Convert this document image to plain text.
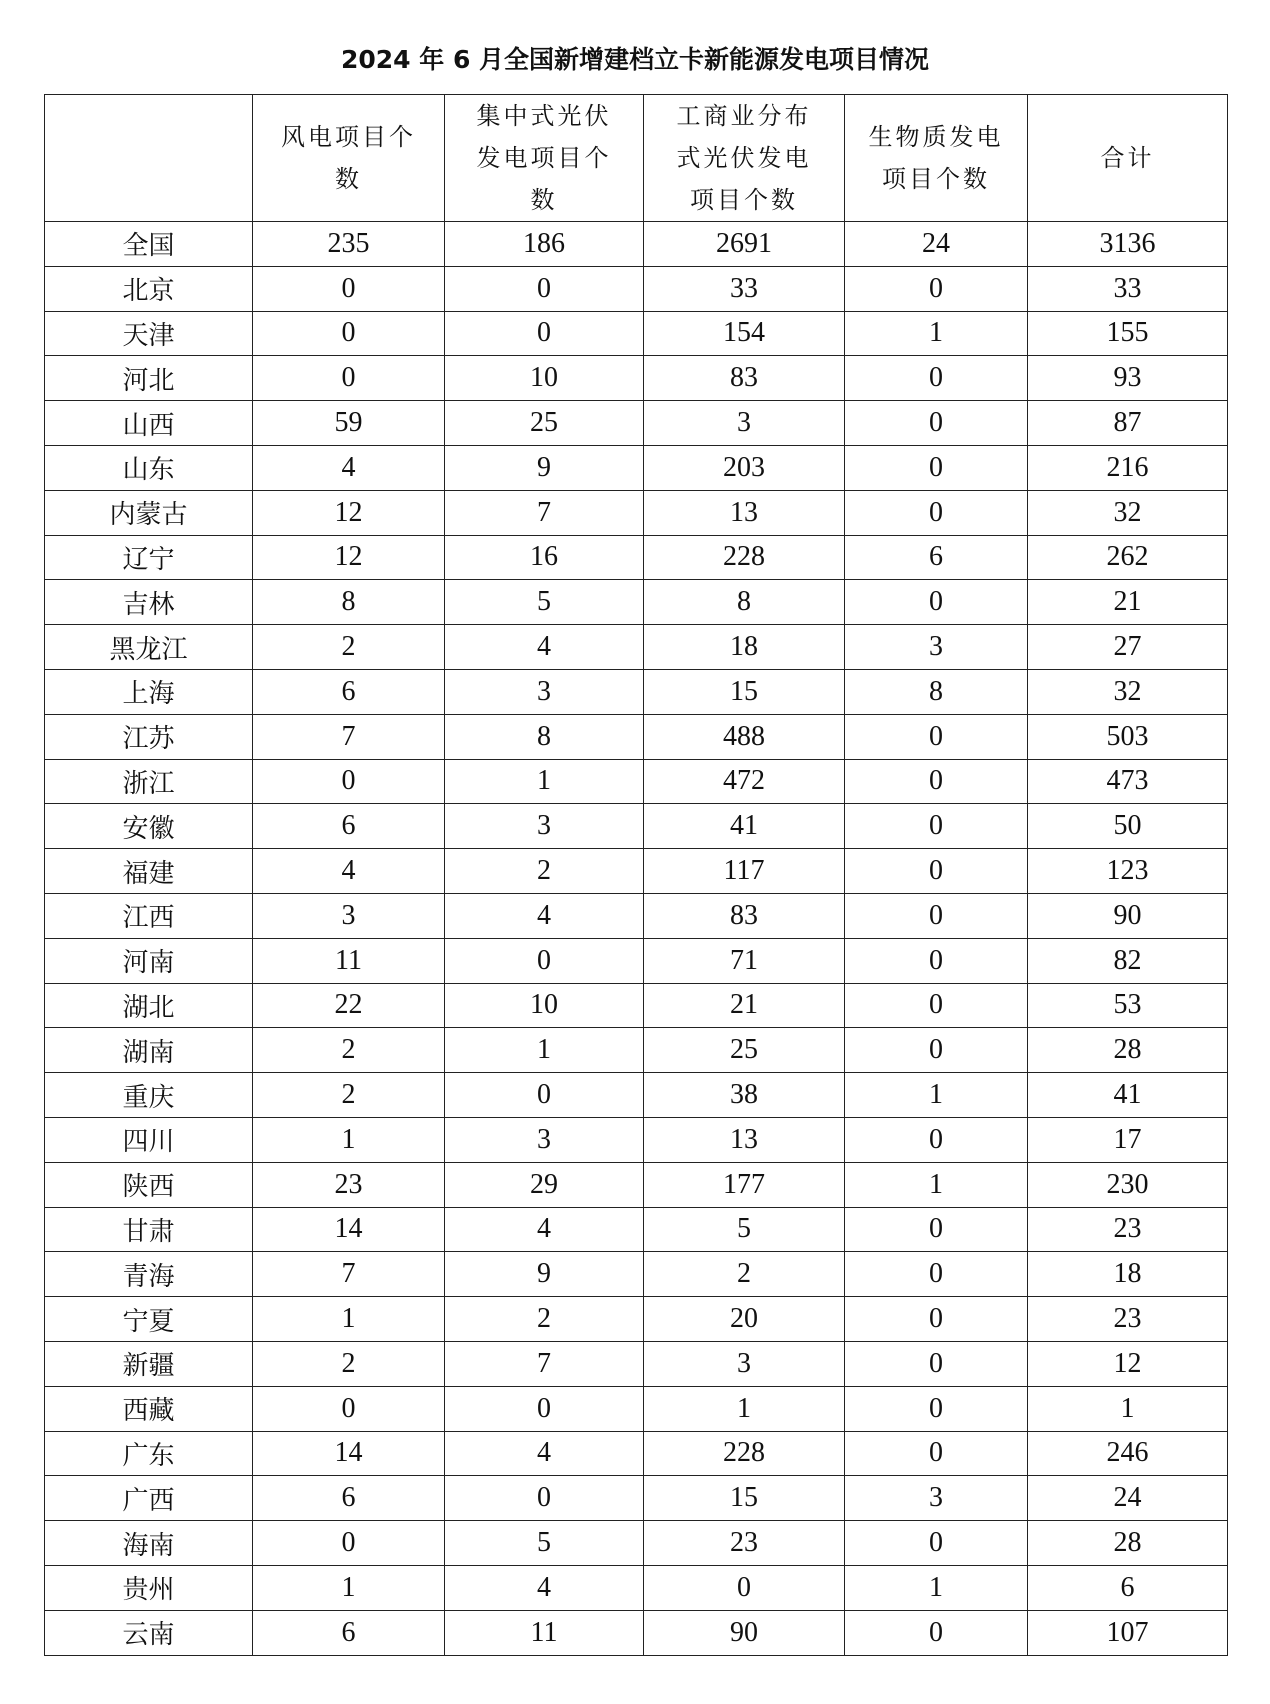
2024 年 6 月全国新增建档立卡新能源发电项目情况

	风电项目个数	集中式光伏发电项目个数	工商业分布式光伏发电项目个数	生物质发电项目个数	合计
全国	235	186	2691	24	3136
北京	0	0	33	0	33
天津	0	0	154	1	155
河北	0	10	83	0	93
山西	59	25	3	0	87
山东	4	9	203	0	216
内蒙古	12	7	13	0	32
辽宁	12	16	228	6	262
吉林	8	5	8	0	21
黑龙江	2	4	18	3	27
上海	6	3	15	8	32
江苏	7	8	488	0	503
浙江	0	1	472	0	473
安徽	6	3	41	0	50
福建	4	2	117	0	123
江西	3	4	83	0	90
河南	11	0	71	0	82
湖北	22	10	21	0	53
湖南	2	1	25	0	28
重庆	2	0	38	1	41
四川	1	3	13	0	17
陕西	23	29	177	1	230
甘肃	14	4	5	0	23
青海	7	9	2	0	18
宁夏	1	2	20	0	23
新疆	2	7	3	0	12
西藏	0	0	1	0	1
广东	14	4	228	0	246
广西	6	0	15	3	24
海南	0	5	23	0	28
贵州	1	4	0	1	6
云南	6	11	90	0	107
